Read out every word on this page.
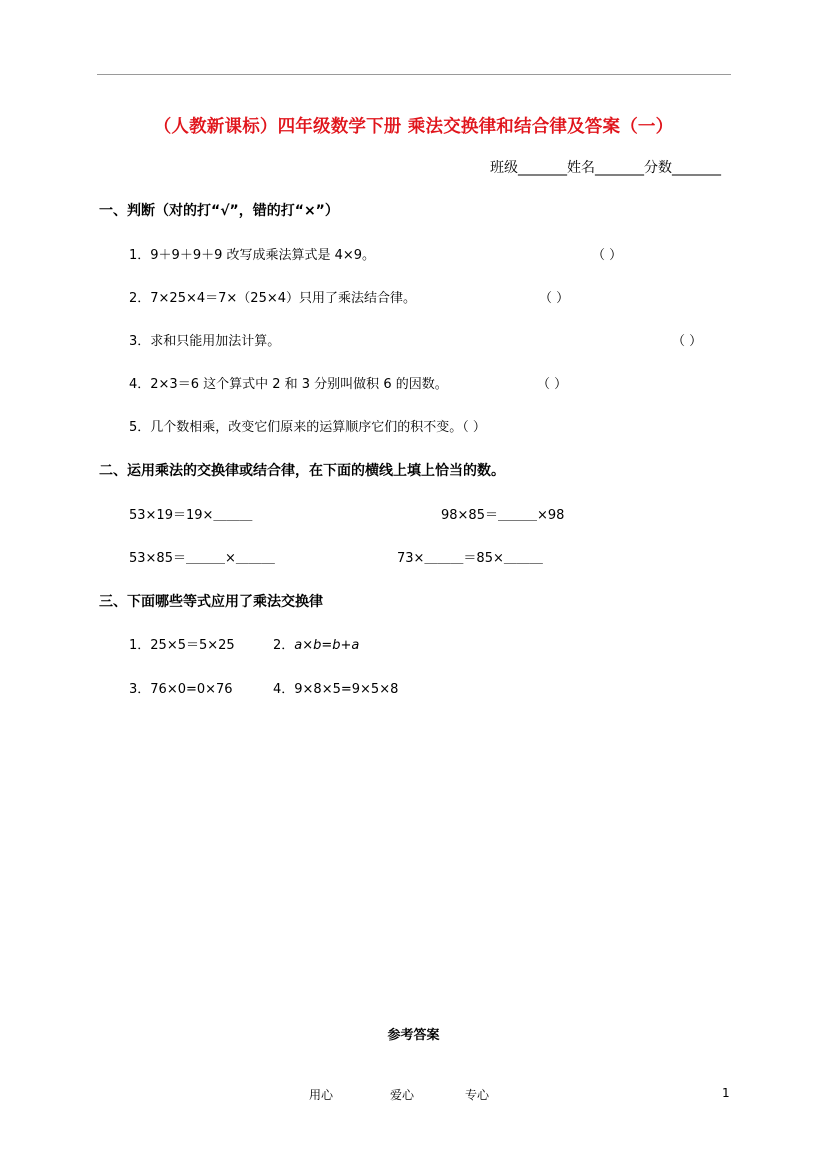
（人教新课标）四年级数学下册 乘法交换律和结合律及答案（一）
班级_______姓名_______分数_______
一、判断（对的打“√”，错的打“×”）
1．9＋9＋9＋9 改写成乘法算式是 4×9。	（ ）
2．7×25×4＝7×（25×4）只用了乘法结合律。	（ ）
3．求和只能用加法计算。	（ ）
4．2×3＝6 这个算式中 2 和 3 分别叫做积 6 的因数。	（ ）
5．几个数相乘，改变它们原来的运算顺序它们的积不变。（ ）
二、运用乘法的交换律或结合律，在下面的横线上填上恰当的数。
53×19＝19×＿＿＿	98×85＝＿＿＿×98
53×85＝＿＿＿×＿＿＿	73×＿＿＿＝85×＿＿＿
三、下面哪些等式应用了乘法交换律
1．25×5＝5×25	2．a×b=b+a
3．76×0=0×76	4．9×8×5=9×5×8
参考答案
用心	爱心	专心	1
